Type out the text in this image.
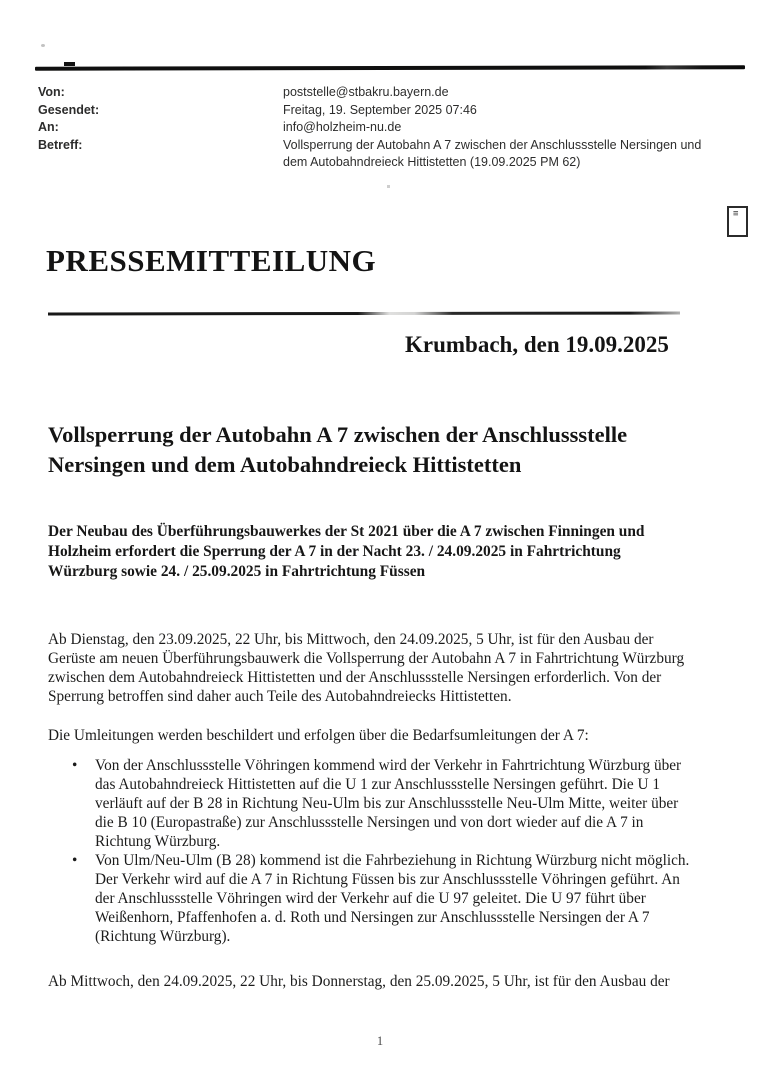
Von:	poststelle@stbakru.bayern.de
Gesendet:	Freitag, 19. September 2025 07:46
An:	info@holzheim-nu.de
Betreff:	Vollsperrung der Autobahn A 7 zwischen der Anschlussstelle Nersingen und dem Autobahndreieck Hittistetten (19.09.2025 PM 62)
≡
PRESSEMITTEILUNG
Krumbach, den 19.09.2025
Vollsperrung der Autobahn A 7 zwischen der Anschlussstelle Nersingen und dem Autobahndreieck Hittistetten

Der Neubau des Überführungsbauwerkes der St 2021 über die A 7 zwischen Finningen und Holzheim erfordert die Sperrung der A 7 in der Nacht 23. / 24.09.2025 in Fahrtrichtung Würzburg sowie 24. / 25.09.2025 in Fahrtrichtung Füssen

Ab Dienstag, den 23.09.2025, 22 Uhr, bis Mittwoch, den 24.09.2025, 5 Uhr, ist für den Ausbau der Gerüste am neuen Überführungsbauwerk die Vollsperrung der Autobahn A 7 in Fahrtrichtung Würzburg zwischen dem Autobahndreieck Hittistetten und der Anschlussstelle Nersingen erforderlich. Von der Sperrung betroffen sind daher auch Teile des Autobahndreiecks Hittistetten.

Die Umleitungen werden beschildert und erfolgen über die Bedarfsumleitungen der A 7:

• Von der Anschlussstelle Vöhringen kommend wird der Verkehr in Fahrtrichtung Würzburg über das Autobahndreieck Hittistetten auf die U 1 zur Anschlussstelle Nersingen geführt. Die U 1 verläuft auf der B 28 in Richtung Neu-Ulm bis zur Anschlussstelle Neu-Ulm Mitte, weiter über die B 10 (Europastraße) zur Anschlussstelle Nersingen und von dort wieder auf die A 7 in Richtung Würzburg.
• Von Ulm/Neu-Ulm (B 28) kommend ist die Fahrbeziehung in Richtung Würzburg nicht möglich. Der Verkehr wird auf die A 7 in Richtung Füssen bis zur Anschlussstelle Vöhringen geführt. An der Anschlussstelle Vöhringen wird der Verkehr auf die U 97 geleitet. Die U 97 führt über Weißenhorn, Pfaffenhofen a. d. Roth und Nersingen zur Anschlussstelle Nersingen der A 7 (Richtung Würzburg).

Ab Mittwoch, den 24.09.2025, 22 Uhr, bis Donnerstag, den 25.09.2025, 5 Uhr, ist für den Ausbau der

1
